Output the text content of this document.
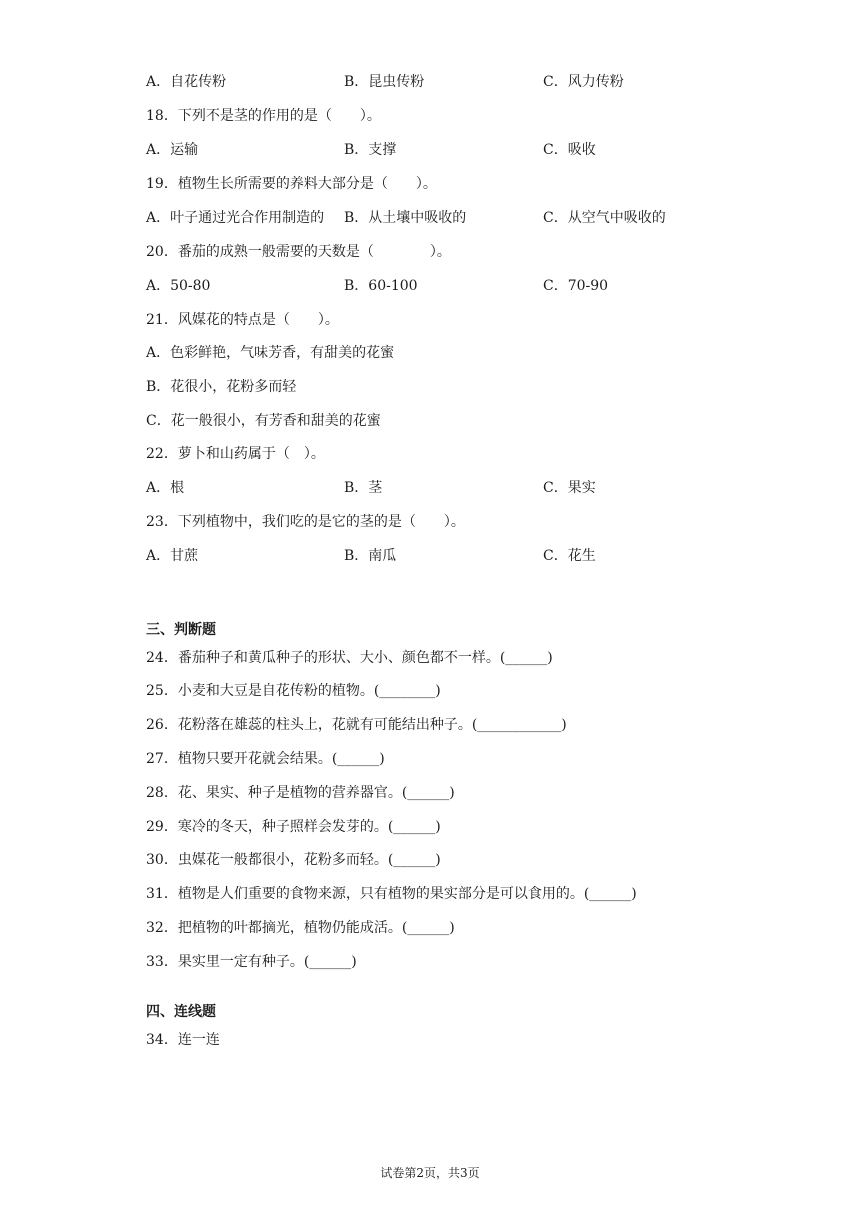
A．自花传粉	B．昆虫传粉	C．风力传粉
18．下列不是茎的作用的是（　　）。
A．运输	B．支撑	C．吸收
19．植物生长所需要的养料大部分是（　　）。
A．叶子通过光合作用制造的 B．从土壤中吸收的	C．从空气中吸收的
20．番茄的成熟一般需要的天数是（　　　　）。
A．50-80	B．60-100	C．70-90
21．风媒花的特点是（　　）。
A．色彩鲜艳，气味芳香，有甜美的花蜜
B．花很小，花粉多而轻
C．花一般很小，有芳香和甜美的花蜜
22．萝卜和山药属于（　）。
A．根	B．茎	C．果实
23．下列植物中，我们吃的是它的茎的是（　　）。
A．甘蔗	B．南瓜	C．花生
三、判断题
24．番茄种子和黄瓜种子的形状、大小、颜色都不一样。(______)
25．小麦和大豆是自花传粉的植物。(________)
26．花粉落在雄蕊的柱头上，花就有可能结出种子。(____________)
27．植物只要开花就会结果。(______)
28．花、果实、种子是植物的营养器官。(______)
29．寒冷的冬天，种子照样会发芽的。(______)
30．虫媒花一般都很小，花粉多而轻。(______)
31．植物是人们重要的食物来源，只有植物的果实部分是可以食用的。(______)
32．把植物的叶都摘光，植物仍能成活。(______)
33．果实里一定有种子。(______)
四、连线题
34．连一连
试卷第2页，共3页
